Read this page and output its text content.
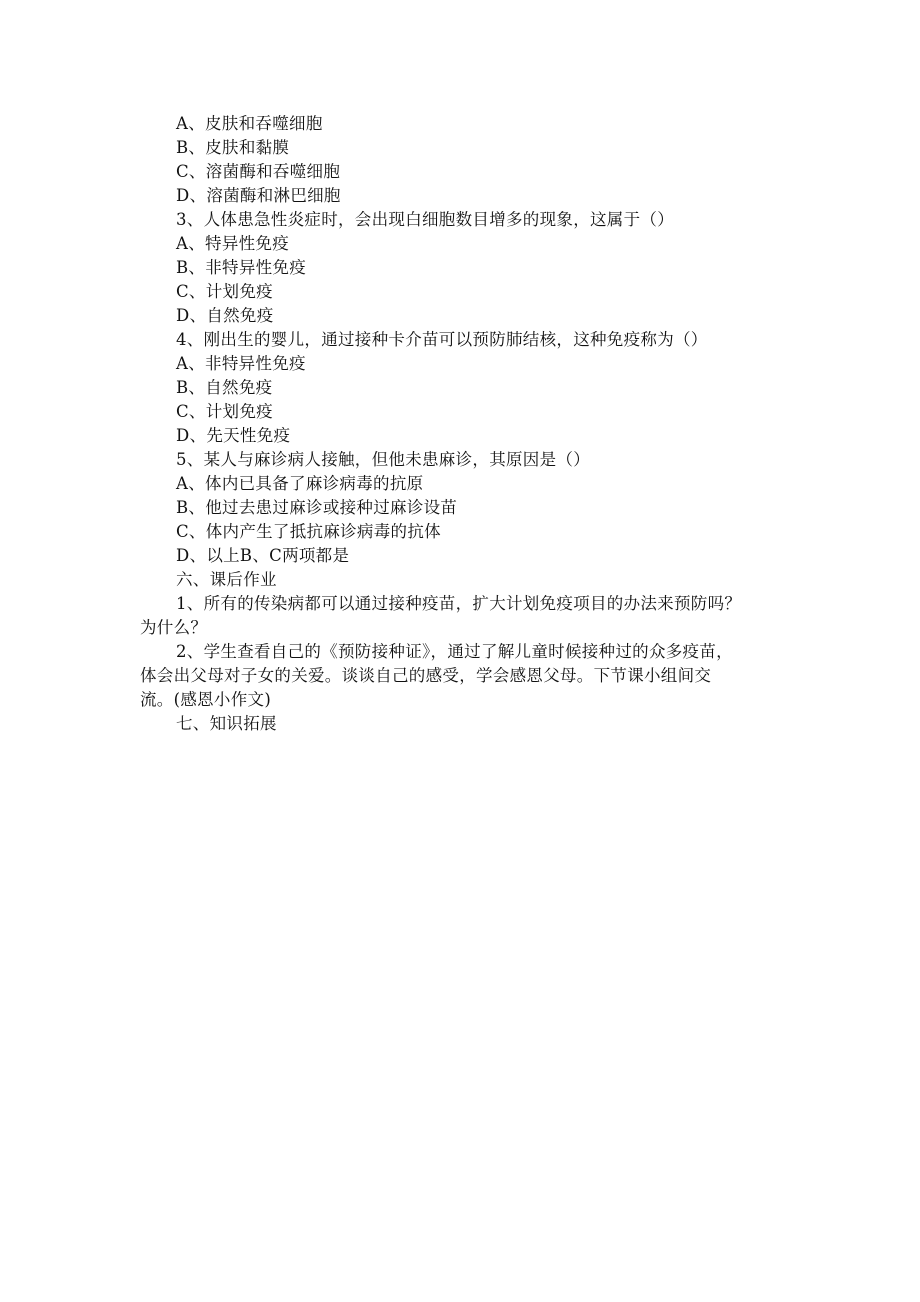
A、皮肤和吞噬细胞
B、皮肤和黏膜
C、溶菌酶和吞噬细胞
D、溶菌酶和淋巴细胞
3、人体患急性炎症时，会出现白细胞数目增多的现象，这属于（）
A、特异性免疫
B、非特异性免疫
C、计划免疫
D、自然免疫
4、刚出生的婴儿，通过接种卡介苗可以预防肺结核，这种免疫称为（）
A、非特异性免疫
B、自然免疫
C、计划免疫
D、先天性免疫
5、某人与麻诊病人接触，但他未患麻诊，其原因是（）
A、体内已具备了麻诊病毒的抗原
B、他过去患过麻诊或接种过麻诊设苗
C、体内产生了抵抗麻诊病毒的抗体
D、以上B、C两项都是
六、课后作业
1、所有的传染病都可以通过接种疫苗，扩大计划免疫项目的办法来预防吗？
为什么？
2、学生查看自己的《预防接种证》，通过了解儿童时候接种过的众多疫苗，
体会出父母对子女的关爱。谈谈自己的感受，学会感恩父母。下节课小组间交
流。(感恩小作文)
七、知识拓展
